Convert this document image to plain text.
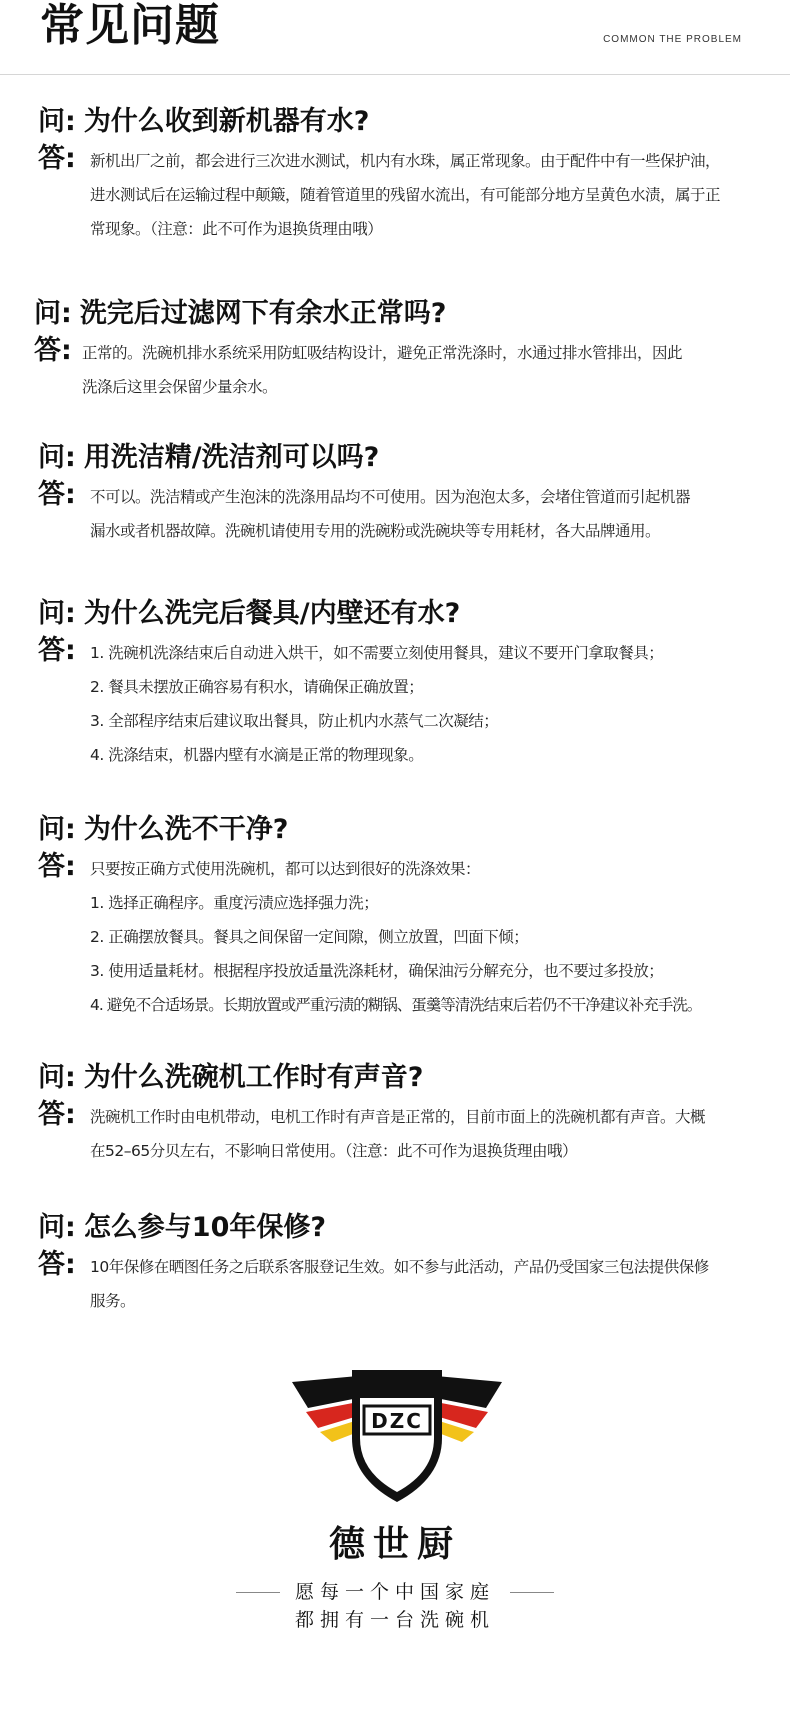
常见问题	COMMON THE PROBLEM
问: 为什么收到新机器有水?
答: 新机出厂之前，都会进行三次进水测试，机内有水珠，属正常现象。由于配件中有一些保护油，
进水测试后在运输过程中颠簸，随着管道里的残留水流出，有可能部分地方呈黄色水渍，属于正
常现象。（注意：此不可作为退换货理由哦）
问: 洗完后过滤网下有余水正常吗?
答: 正常的。洗碗机排水系统采用防虹吸结构设计，避免正常洗涤时，水通过排水管排出，因此
洗涤后这里会保留少量余水。
问: 用洗洁精/洗洁剂可以吗?
答: 不可以。洗洁精或产生泡沫的洗涤用品均不可使用。因为泡泡太多，会堵住管道而引起机器
漏水或者机器故障。洗碗机请使用专用的洗碗粉或洗碗块等专用耗材，各大品牌通用。
问: 为什么洗完后餐具/内壁还有水?
答: 1. 洗碗机洗涤结束后自动进入烘干，如不需要立刻使用餐具，建议不要开门拿取餐具；
2. 餐具未摆放正确容易有积水，请确保正确放置；
3. 全部程序结束后建议取出餐具，防止机内水蒸气二次凝结；
4. 洗涤结束，机器内壁有水滴是正常的物理现象。
问: 为什么洗不干净?
答: 只要按正确方式使用洗碗机，都可以达到很好的洗涤效果：
1. 选择正确程序。重度污渍应选择强力洗；
2. 正确摆放餐具。餐具之间保留一定间隙，侧立放置，凹面下倾；
3. 使用适量耗材。根据程序投放适量洗涤耗材，确保油污分解充分，也不要过多投放；
4. 避免不合适场景。长期放置或严重污渍的糊锅、蛋羹等清洗结束后若仍不干净建议补充手洗。
问: 为什么洗碗机工作时有声音?
答: 洗碗机工作时由电机带动，电机工作时有声音是正常的，目前市面上的洗碗机都有声音。大概
在52–65分贝左右，不影响日常使用。（注意：此不可作为退换货理由哦）
问: 怎么参与10年保修?
答: 10年保修在晒图任务之后联系客服登记生效。如不参与此活动，产品仍受国家三包法提供保修
服务。
DZC
德世厨
愿每一个中国家庭
都拥有一台洗碗机
